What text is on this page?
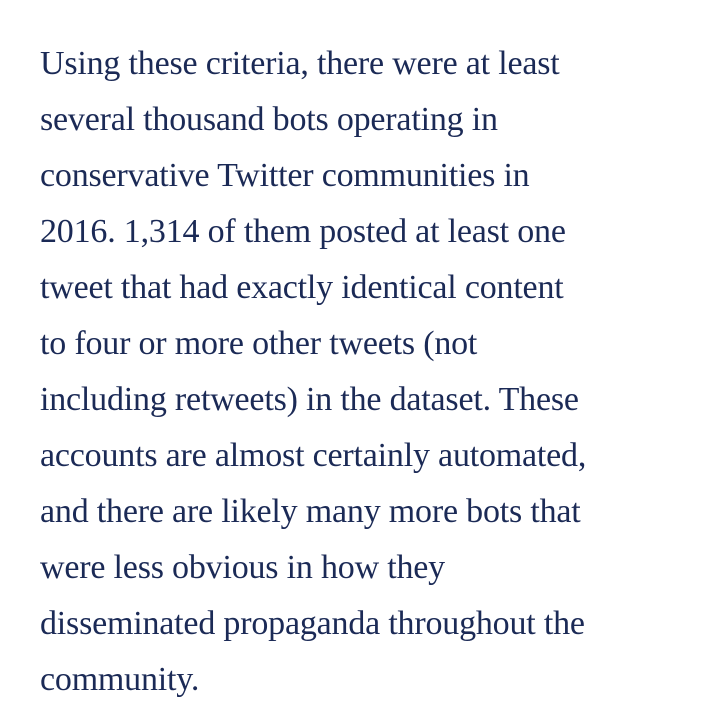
Using these criteria, there were at least
several thousand bots operating in
conservative Twitter communities in
2016. 1,314 of them posted at least one
tweet that had exactly identical content
to four or more other tweets (not
including retweets) in the dataset. These
accounts are almost certainly automated,
and there are likely many more bots that
were less obvious in how they
disseminated propaganda throughout the
community.
